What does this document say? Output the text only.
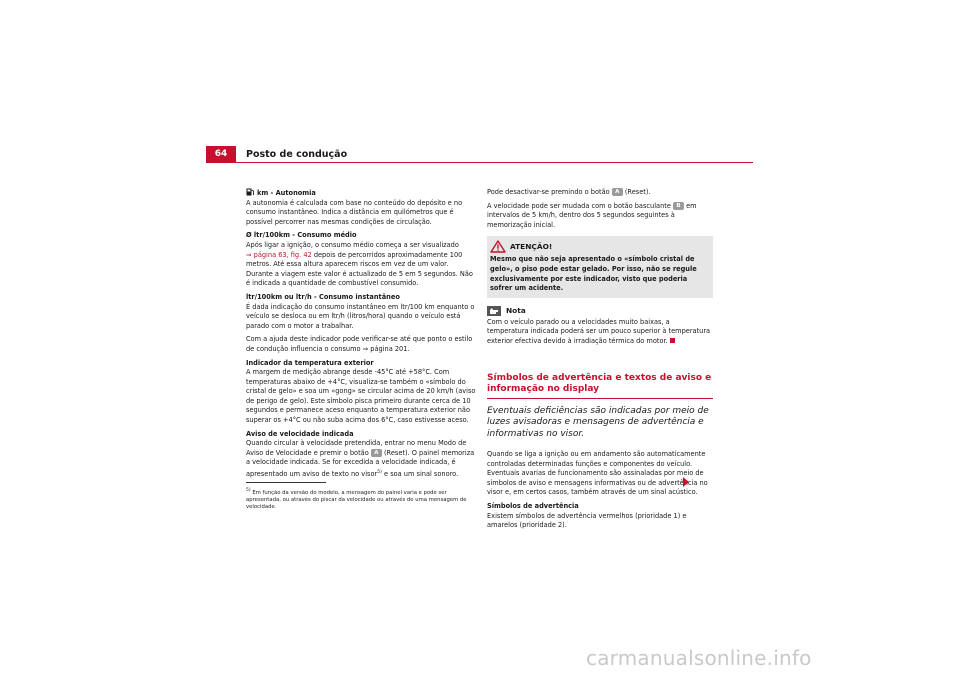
64	Posto de condução

km - Autonomia

A autonomia é calculada com base no conteúdo do depósito e no consumo instantâneo. Indica a distância em quilómetros que é possível percorrer nas mesmas condições de circulação.

Ø ltr/100km - Consumo médio

Após ligar a ignição, o consumo médio começa a ser visualizado
⇒ página 63, fig. 42 depois de percorridos aproximadamente 100 metros. Até essa altura aparecem riscos em vez de um valor. Durante a viagem este valor é actualizado de 5 em 5 segundos. Não é indicada a quantidade de combustível consumido.

ltr/100km ou ltr/h - Consumo instantâneo

É dada indicação do consumo instantâneo em ltr/100 km enquanto o veículo se desloca ou em ltr/h (litros/hora) quando o veículo está parado com o motor a trabalhar.

Com a ajuda deste indicador pode verificar-se até que ponto o estilo de condução influencia o consumo ⇒ página 201.

Indicador da temperatura exterior

A margem de medição abrange desde -45°C até +58°C. Com temperaturas abaixo de +4°C, visualiza-se também o «símbolo do cristal de gelo» e soa um «gong» se circular acima de 20 km/h (aviso de perigo de gelo). Este símbolo pisca primeiro durante cerca de 10 segundos e permanece aceso enquanto a temperatura exterior não superar os +4°C ou não suba acima dos 6°C, caso estivesse aceso.

Aviso de velocidade indicada

Quando circular à velocidade pretendida, entrar no menu Modo de Aviso de Velocidade e premir o botão A (Reset). O painel memoriza a velocidade indicada. Se for excedida a velocidade indicada, é apresentado um aviso de texto no visor$^{5)}$ e soa um sinal sonoro.

$^{5)}$ Em função da versão do modelo, a mensagem do painel varia e pode ser apresentada, ou através do piscar da velocidade ou através de uma mensagem de velocidade.

Pode desactivar-se premindo o botão A (Reset).

A velocidade pode ser mudada com o botão basculante B em intervalos de 5 km/h, dentro dos 5 segundos seguintes à memorização inicial.

ATENÇÃO!

Mesmo que não seja apresentado o «símbolo cristal de gelo», o piso pode estar gelado. Por isso, não se regule exclusivamente por este indicador, visto que poderia sofrer um acidente.

Nota

Com o veículo parado ou a velocidades muito baixas, a temperatura indicada poderá ser um pouco superior à temperatura exterior efectiva devido à irradiação térmica do motor.

Símbolos de advertência e textos de aviso e informação no display
Eventuais deficiências são indicadas por meio de luzes avisadoras e mensagens de advertência e informativas no visor.

Quando se liga a ignição ou em andamento são automaticamente controladas determinadas funções e componentes do veículo. Eventuais avarias de funcionamento são assinaladas por meio de símbolos de aviso e mensagens informativas ou de advertência no visor e, em certos casos, também através de um sinal acústico.

Símbolos de advertência

Existem símbolos de advertência vermelhos (prioridade 1) e amarelos (prioridade 2).

carmanualsonline.info
